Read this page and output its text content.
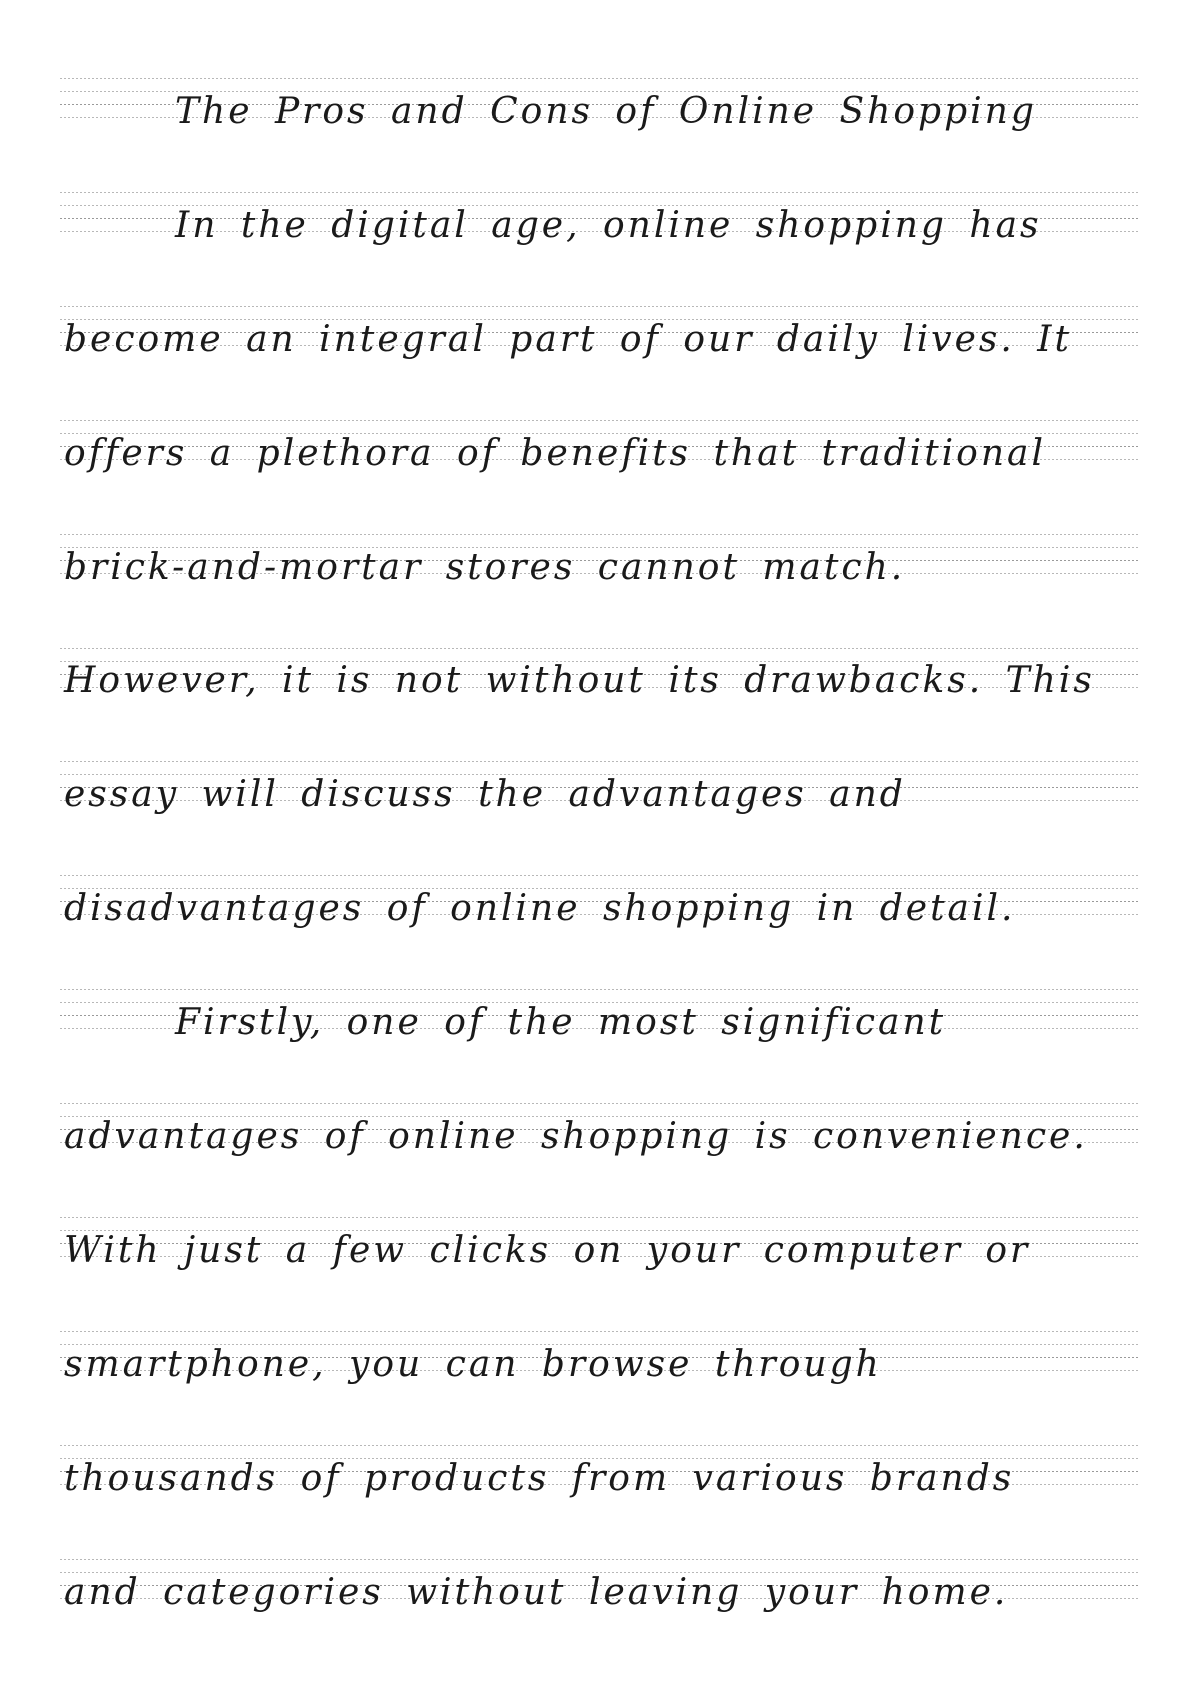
The Pros and Cons of Online Shopping
In the digital age, online shopping has
become an integral part of our daily lives. It
offers a plethora of benefits that traditional
brick-and-mortar stores cannot match.
However, it is not without its drawbacks. This
essay will discuss the advantages and
disadvantages of online shopping in detail.
Firstly, one of the most significant
advantages of online shopping is convenience.
With just a few clicks on your computer or
smartphone, you can browse through
thousands of products from various brands
and categories without leaving your home.
